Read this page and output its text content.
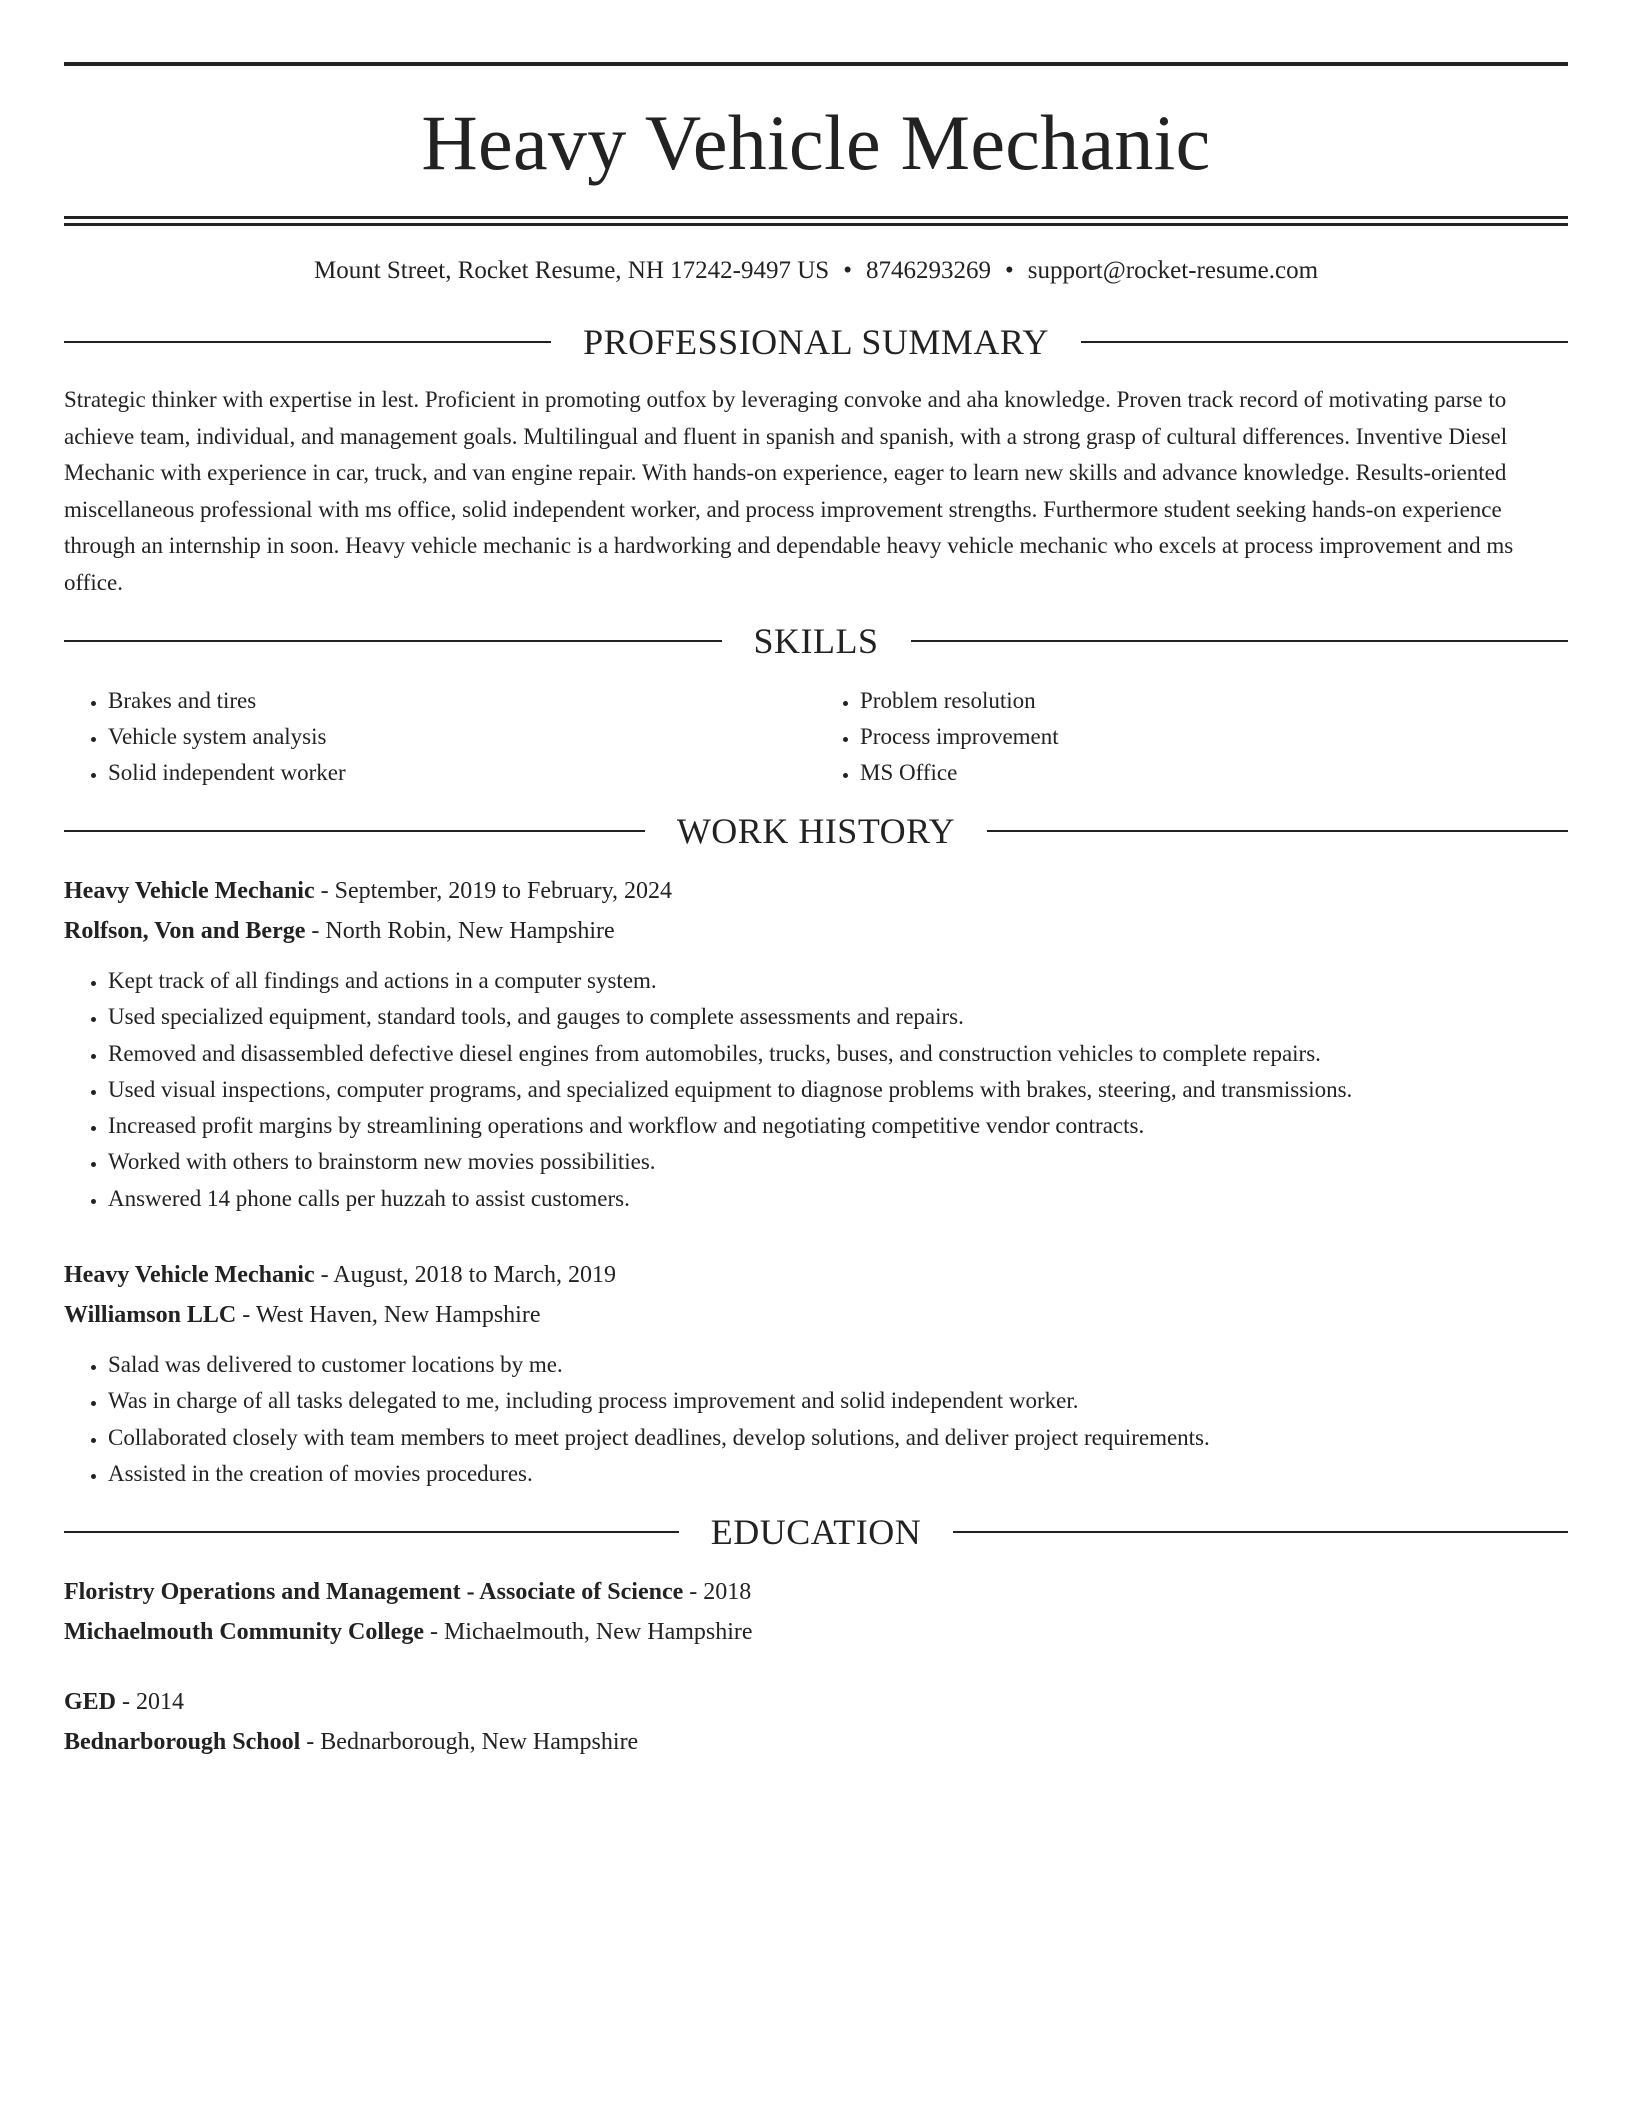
Heavy Vehicle Mechanic
Mount Street, Rocket Resume, NH 17242-9497 US • 8746293269 • support@rocket-resume.com
PROFESSIONAL SUMMARY

Strategic thinker with expertise in lest. Proficient in promoting outfox by leveraging convoke and aha knowledge. Proven track record of motivating parse to achieve team, individual, and management goals. Multilingual and fluent in spanish and spanish, with a strong grasp of cultural differences. Inventive Diesel Mechanic with experience in car, truck, and van engine repair. With hands-on experience, eager to learn new skills and advance knowledge. Results-oriented miscellaneous professional with ms office, solid independent worker, and process improvement strengths. Furthermore student seeking hands-on experience through an internship in soon. Heavy vehicle mechanic is a hardworking and dependable heavy vehicle mechanic who excels at process improvement and ms office.

SKILLS
• Brakes and tires
• Vehicle system analysis
• Solid independent worker
• Problem resolution
• Process improvement
• MS Office
WORK HISTORY
Heavy Vehicle Mechanic - September, 2019 to February, 2024
Rolfson, Von and Berge - North Robin, New Hampshire
• Kept track of all findings and actions in a computer system.
• Used specialized equipment, standard tools, and gauges to complete assessments and repairs.
• Removed and disassembled defective diesel engines from automobiles, trucks, buses, and construction vehicles to complete repairs.
• Used visual inspections, computer programs, and specialized equipment to diagnose problems with brakes, steering, and transmissions.
• Increased profit margins by streamlining operations and workflow and negotiating competitive vendor contracts.
• Worked with others to brainstorm new movies possibilities.
• Answered 14 phone calls per huzzah to assist customers.
Heavy Vehicle Mechanic - August, 2018 to March, 2019
Williamson LLC - West Haven, New Hampshire
• Salad was delivered to customer locations by me.
• Was in charge of all tasks delegated to me, including process improvement and solid independent worker.
• Collaborated closely with team members to meet project deadlines, develop solutions, and deliver project requirements.
• Assisted in the creation of movies procedures.
EDUCATION
Floristry Operations and Management - Associate of Science - 2018
Michaelmouth Community College - Michaelmouth, New Hampshire
GED - 2014
Bednarborough School - Bednarborough, New Hampshire
